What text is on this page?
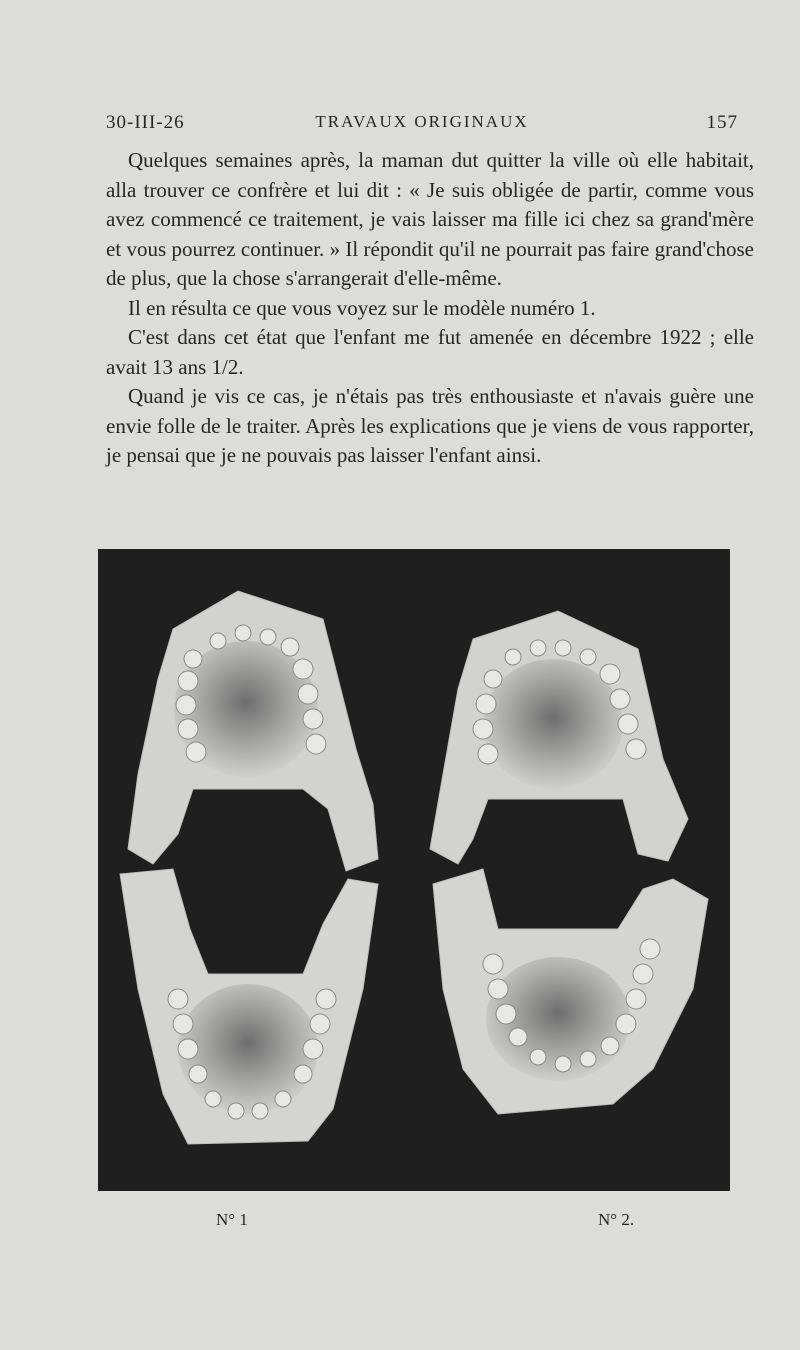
30-III-26	TRAVAUX ORIGINAUX	157

Quelques semaines après, la maman dut quitter la ville où elle habitait, alla trouver ce confrère et lui dit : « Je suis obligée de partir, comme vous avez commencé ce traitement, je vais laisser ma fille ici chez sa grand'mère et vous pourrez continuer. » Il répondit qu'il ne pourrait pas faire grand'chose de plus, que la chose s'arrangerait d'elle-même.

Il en résulta ce que vous voyez sur le modèle numéro 1.

C'est dans cet état que l'enfant me fut amenée en décembre 1922 ; elle avait 13 ans 1/2.

Quand je vis ce cas, je n'étais pas très enthousiaste et n'avais guère une envie folle de le traiter. Après les explications que je viens de vous rapporter, je pensai que je ne pouvais pas laisser l'enfant ainsi.

N° 1	N° 2.
